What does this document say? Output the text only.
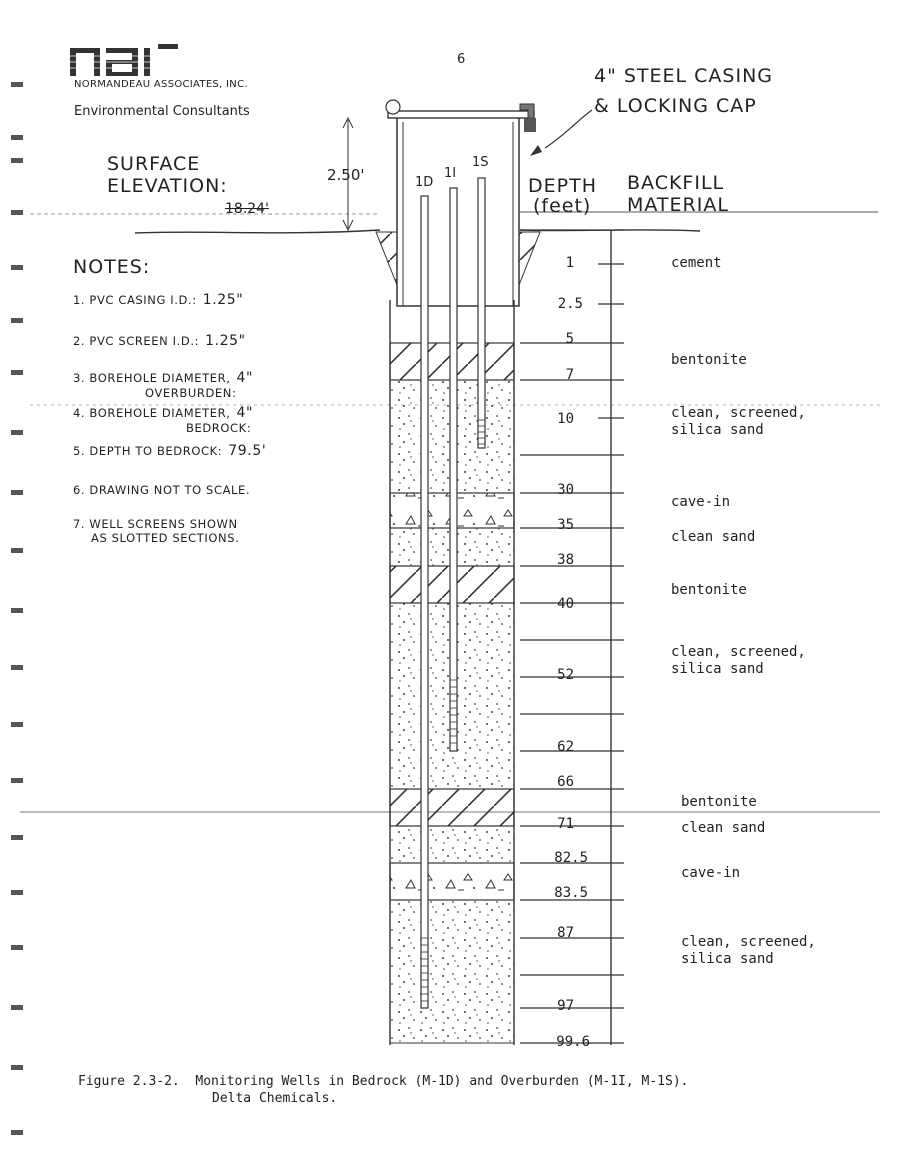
NORMANDEAU ASSOCIATES, INC.
Environmental Consultants
6
4" STEEL CASING
& LOCKING CAP
SURFACE
ELEVATION:
18.24'
2.50'	1D
1I
1S
DEPTH
(feet)
BACKFILL
MATERIAL
NOTES:
1. PVC CASING I.D.: 1.25"
2. PVC SCREEN I.D.: 1.25"
3. BOREHOLE DIAMETER, 4"
OVERBURDEN:
4. BOREHOLE DIAMETER, 4"
BEDROCK:
5. DEPTH TO BEDROCK: 79.5'
6. DRAWING NOT TO SCALE.
7. WELL SCREENS SHOWN
AS SLOTTED SECTIONS.
1
2.5
5
7
10
30
35
38
40
52
62
66
71
82.5
83.5
87
97
99.6
cement
bentonite
clean, screened,
silica sand
cave-in
clean sand
bentonite
clean, screened,
silica sand
bentonite
clean sand
cave-in
clean, screened,
silica sand
Figure 2.3-2.  Monitoring Wells in Bedrock (M-1D) and Overburden (M-1I, M-1S).
Delta Chemicals.
